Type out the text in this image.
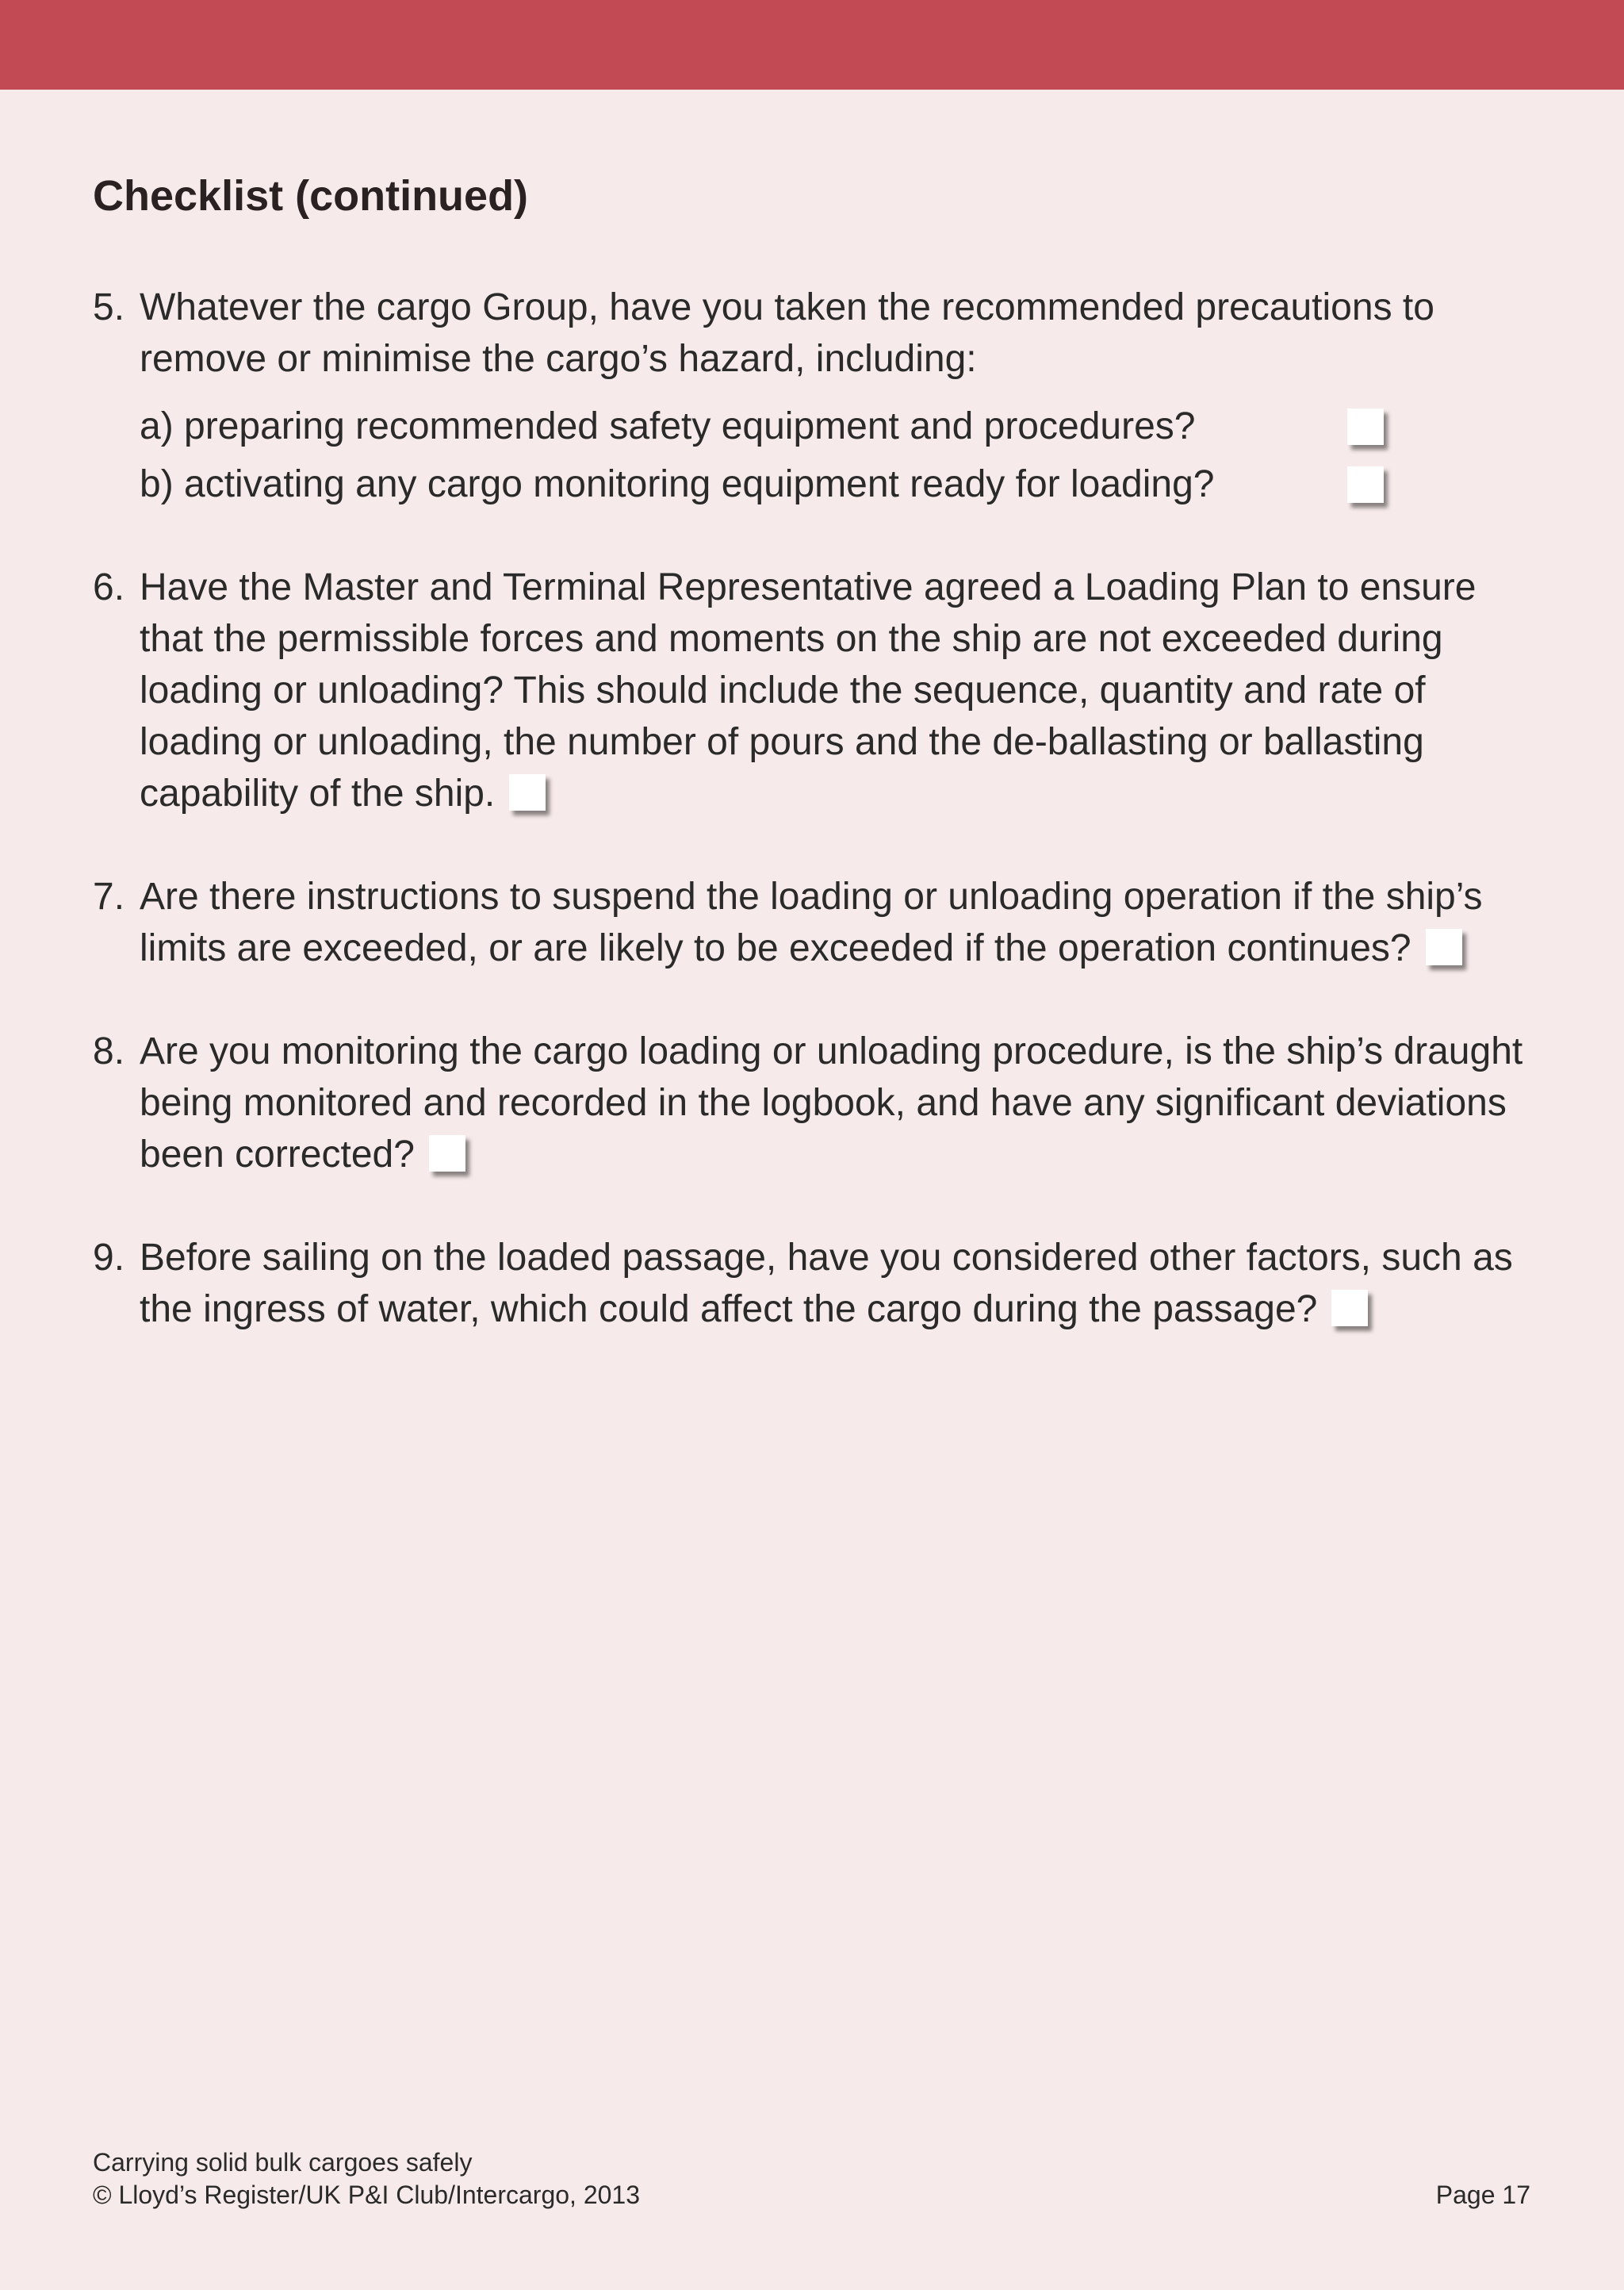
Checklist (continued)
5. Whatever the cargo Group, have you taken the recommended precautions to remove or minimise the cargo’s hazard, including:
a) preparing recommended safety equipment and procedures?
b) activating any cargo monitoring equipment ready for loading?
6. Have the Master and Terminal Representative agreed a Loading Plan to ensure that the permissible forces and moments on the ship are not exceeded during loading or unloading? This should include the sequence, quantity and rate of loading or unloading, the number of pours and the de-ballasting or ballasting capability of the ship.
7. Are there instructions to suspend the loading or unloading operation if the ship’s limits are exceeded, or are likely to be exceeded if the operation continues?
8. Are you monitoring the cargo loading or unloading procedure, is the ship’s draught being monitored and recorded in the logbook, and have any significant deviations been corrected?
9. Before sailing on the loaded passage, have you considered other factors, such as the ingress of water, which could affect the cargo during the passage?
Carrying solid bulk cargoes safely
© Lloyd’s Register/UK P&I Club/Intercargo, 2013	Page 17
